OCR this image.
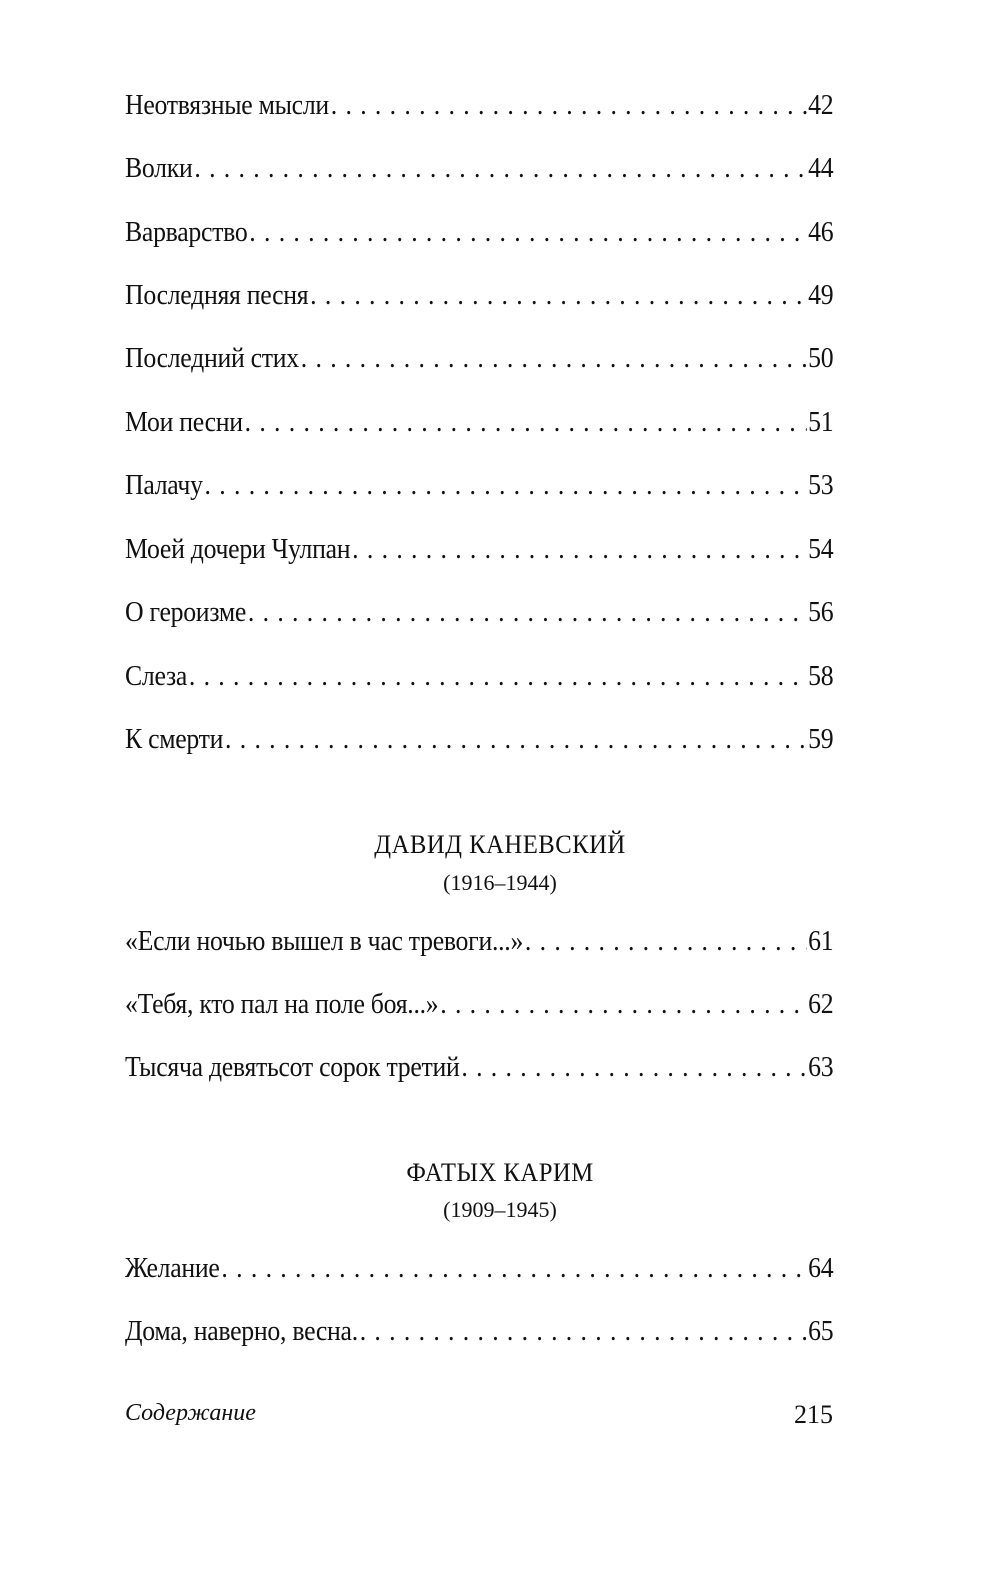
Неотвязные мысли . . .	42
Волки . . .	44
Варварство . . .	46
Последняя песня . . .	49
Последний стих . . .	50
Мои песни . . .	51
Палачу . . .	53
Моей дочери Чулпан . . .	54
О героизме . . .	56
Слеза . . .	58
К смерти . . .	59
ДАВИД КАНЕВСКИЙ
(1916–1944)
«Если ночью вышел в час тревоги...» . . .	61
«Тебя, кто пал на поле боя...» . . .	62
Тысяча девятьсот сорок третий . . .	63
ФАТЫХ КАРИМ
(1909–1945)
Желание . . .	64
Дома, наверно, весна. . . .	65
Содержание	215
